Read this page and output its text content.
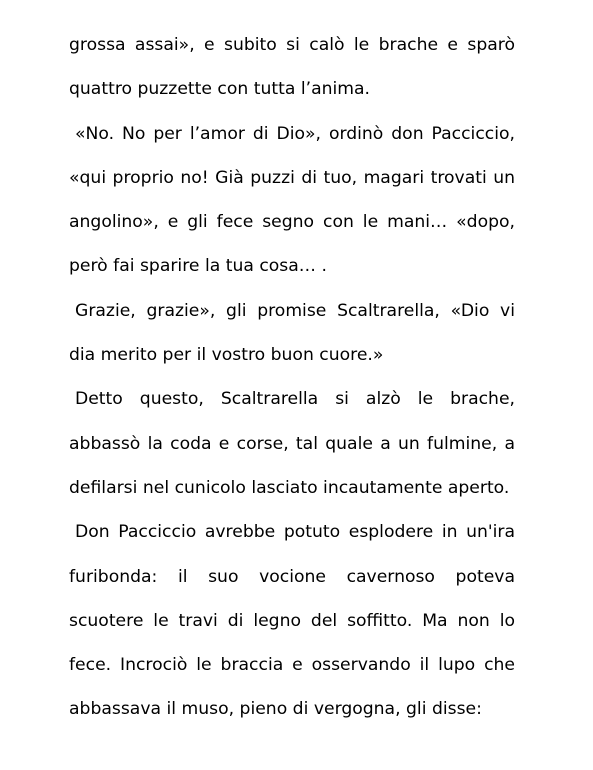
grossa assai», e subito si calò le brache e sparò quattro puzzette con tutta l’anima.

«No. No per l’amor di Dio», ordinò don Pacciccio, «qui proprio no! Già puzzi di tuo, magari trovati un angolino», e gli fece segno con le mani… «dopo, però fai sparire la tua cosa… .

Grazie, grazie», gli promise Scaltrarella, «Dio vi dia merito per il vostro buon cuore.»

Detto questo, Scaltrarella si alzò le brache, abbassò la coda e corse, tal quale a un fulmine, a defilarsi nel cunicolo lasciato incautamente aperto.

Don Pacciccio avrebbe potuto esplodere in un'ira furibonda: il suo vocione cavernoso poteva scuotere le travi di legno del soffitto. Ma non lo fece. Incrociò le braccia e osservando il lupo che abbassava il muso, pieno di vergogna, gli disse:
